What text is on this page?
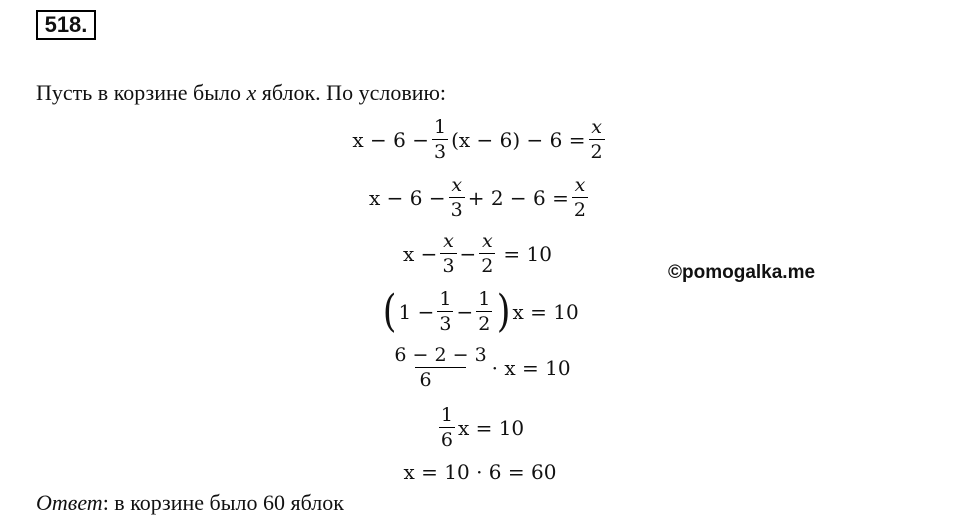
518.
Пусть в корзине было x яблок. По условию:
$x - 6 - \frac{1}{3} (x - 6) - 6 = \frac{x}{2}$
$x - 6 - \frac{x}{3} + 2 - 6 = \frac{x}{2}$
$x - \frac{x}{3} - \frac{x}{2} = 10$
( $1 - \frac{1}{3} - \frac{1}{2}$ ) x = 10
$\frac{6 - 2 - 3}{6} \cdot x = 10$
$\frac{1}{6}$ x = 10
x = 10 · 6 = 60
©pomogalka.me
Ответ: в корзине было 60 яблок
